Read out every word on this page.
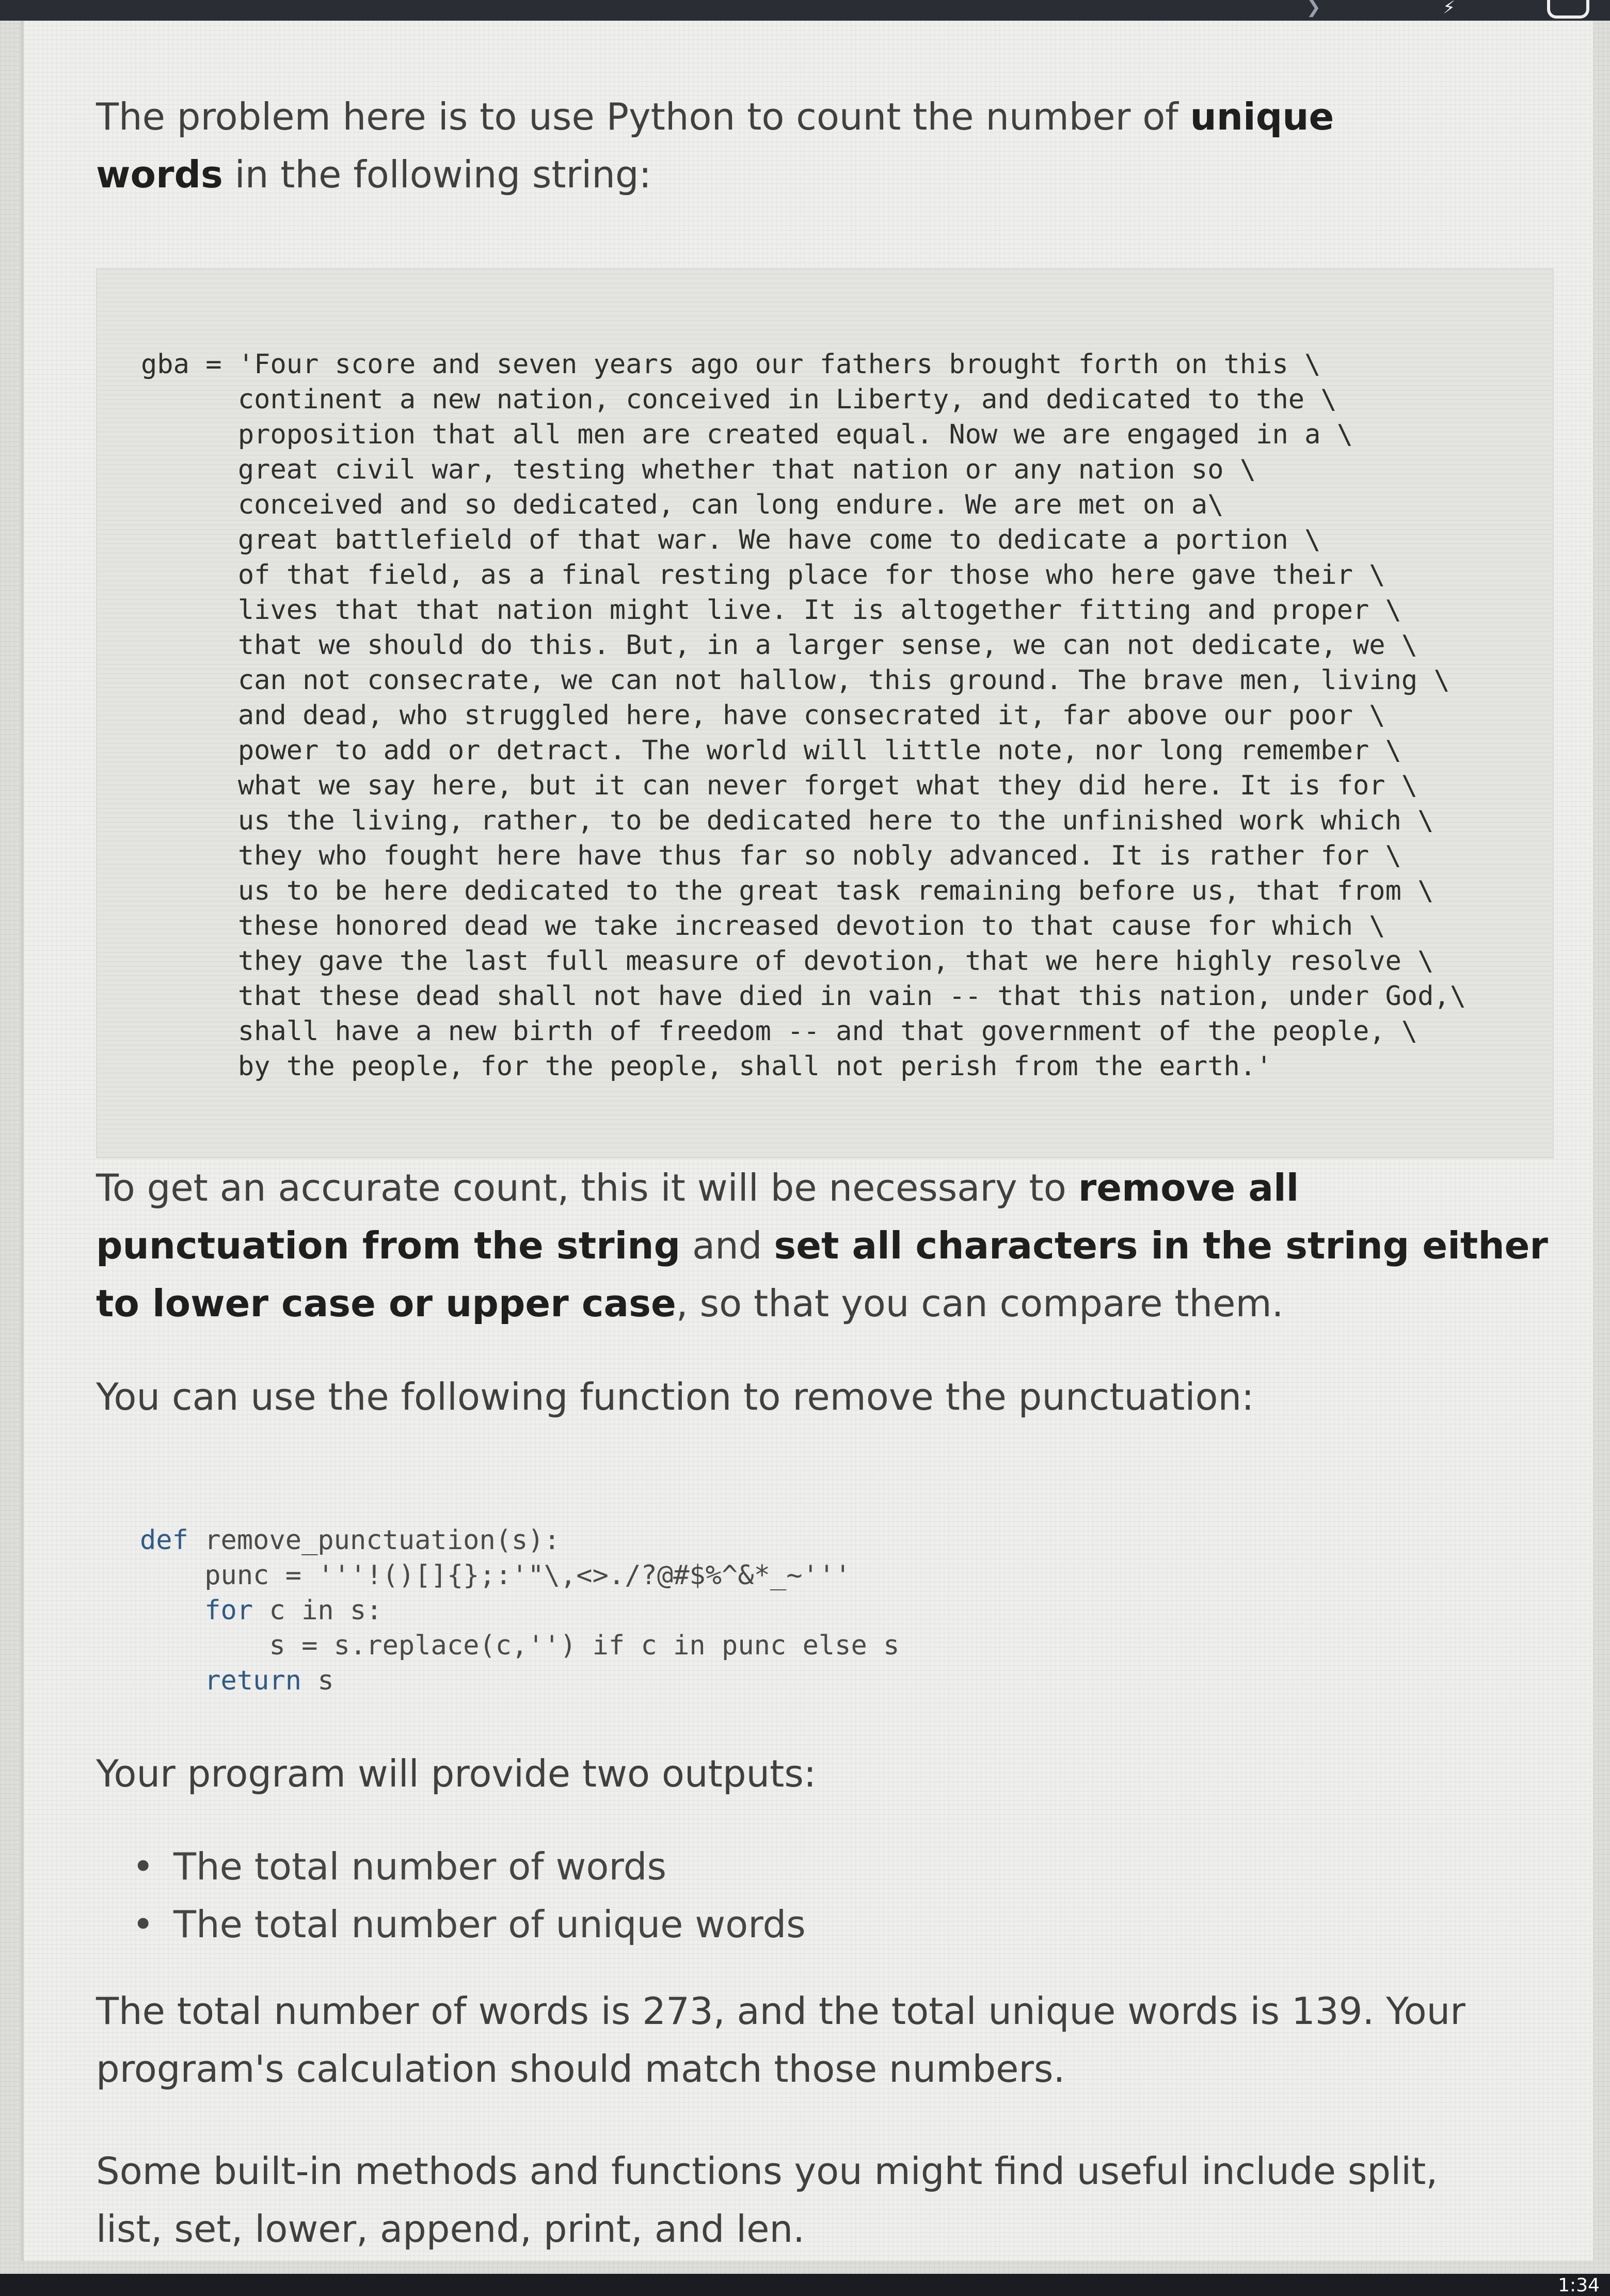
❯	⚡
The problem here is to use Python to count the number of unique words in the following string:
gba = 'Four score and seven years ago our fathers brought forth on this \
continent a new nation, conceived in Liberty, and dedicated to the \
proposition that all men are created equal. Now we are engaged in a \
great civil war, testing whether that nation or any nation so \
conceived and so dedicated, can long endure. We are met on a\
great battlefield of that war. We have come to dedicate a portion \
of that field, as a final resting place for those who here gave their \
lives that that nation might live. It is altogether fitting and proper \
that we should do this. But, in a larger sense, we can not dedicate, we \
can not consecrate, we can not hallow, this ground. The brave men, living \
and dead, who struggled here, have consecrated it, far above our poor \
power to add or detract. The world will little note, nor long remember \
what we say here, but it can never forget what they did here. It is for \
us the living, rather, to be dedicated here to the unfinished work which \
they who fought here have thus far so nobly advanced. It is rather for \
us to be here dedicated to the great task remaining before us, that from \
these honored dead we take increased devotion to that cause for which \
they gave the last full measure of devotion, that we here highly resolve \
that these dead shall not have died in vain -- that this nation, under God,\
shall have a new birth of freedom -- and that government of the people, \
by the people, for the people, shall not perish from the earth.'
To get an accurate count, this it will be necessary to remove all punctuation from the string and set all characters in the string either to lower case or upper case, so that you can compare them.
You can use the following function to remove the punctuation:
def remove_punctuation(s):
punc = '''!()[]{};:'"\,<>./?@#$%^&*_~'''
for c in s:
s = s.replace(c,'') if c in punc else s
return s
Your program will provide two outputs:
• The total number of words
• The total number of unique words
The total number of words is 273, and the total unique words is 139. Your program's calculation should match those numbers.
Some built-in methods and functions you might find useful include split, list, set, lower, append, print, and len.
1:34
